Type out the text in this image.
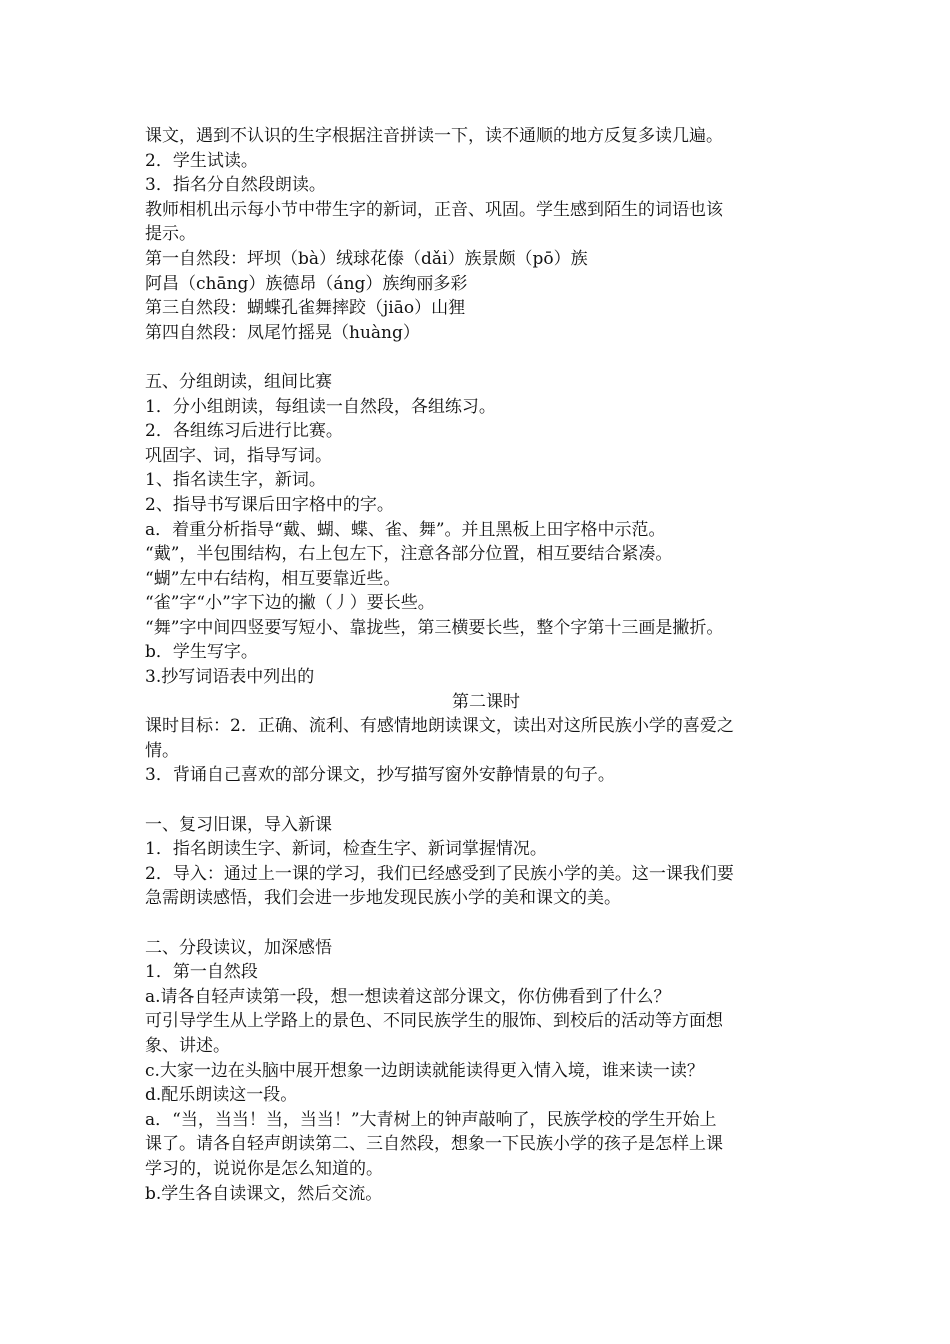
课文，遇到不认识的生字根据注音拼读一下，读不通顺的地方反复多读几遍。
2．学生试读。
3．指名分自然段朗读。
教师相机出示每小节中带生字的新词，正音、巩固。学生感到陌生的词语也该
提示。
第一自然段：坪坝（bà）绒球花傣（dǎi）族景颇（pō）族
阿昌（chāng）族德昂（áng）族绚丽多彩
第三自然段：蝴蝶孔雀舞摔跤（jiāo）山狸
第四自然段：凤尾竹摇晃（huàng）
五、分组朗读，组间比赛
1．分小组朗读，每组读一自然段，各组练习。
2．各组练习后进行比赛。
巩固字、词，指导写词。
1、指名读生字，新词。
2、指导书写课后田字格中的字。
a．着重分析指导“戴、蝴、蝶、雀、舞”。并且黑板上田字格中示范。
“戴”，半包围结构，右上包左下，注意各部分位置，相互要结合紧凑。
“蝴”左中右结构，相互要靠近些。
“雀”字“小”字下边的撇（丿）要长些。
“舞”字中间四竖要写短小、靠拢些，第三横要长些，整个字第十三画是撇折。
b．学生写字。
3.抄写词语表中列出的
第二课时
课时目标：2．正确、流利、有感情地朗读课文，读出对这所民族小学的喜爱之
情。
3．背诵自己喜欢的部分课文，抄写描写窗外安静情景的句子。
一、复习旧课，导入新课
1．指名朗读生字、新词，检查生字、新词掌握情况。
2．导入：通过上一课的学习，我们已经感受到了民族小学的美。这一课我们要
急需朗读感悟，我们会进一步地发现民族小学的美和课文的美。
二、分段读议，加深感悟
1．第一自然段
a.请各自轻声读第一段，想一想读着这部分课文，你仿佛看到了什么？
可引导学生从上学路上的景色、不同民族学生的服饰、到校后的活动等方面想
象、讲述。
c.大家一边在头脑中展开想象一边朗读就能读得更入情入境，谁来读一读？
d.配乐朗读这一段。
a．“当，当当！当，当当！”大青树上的钟声敲响了，民族学校的学生开始上
课了。请各自轻声朗读第二、三自然段，想象一下民族小学的孩子是怎样上课
学习的，说说你是怎么知道的。
b.学生各自读课文，然后交流。
